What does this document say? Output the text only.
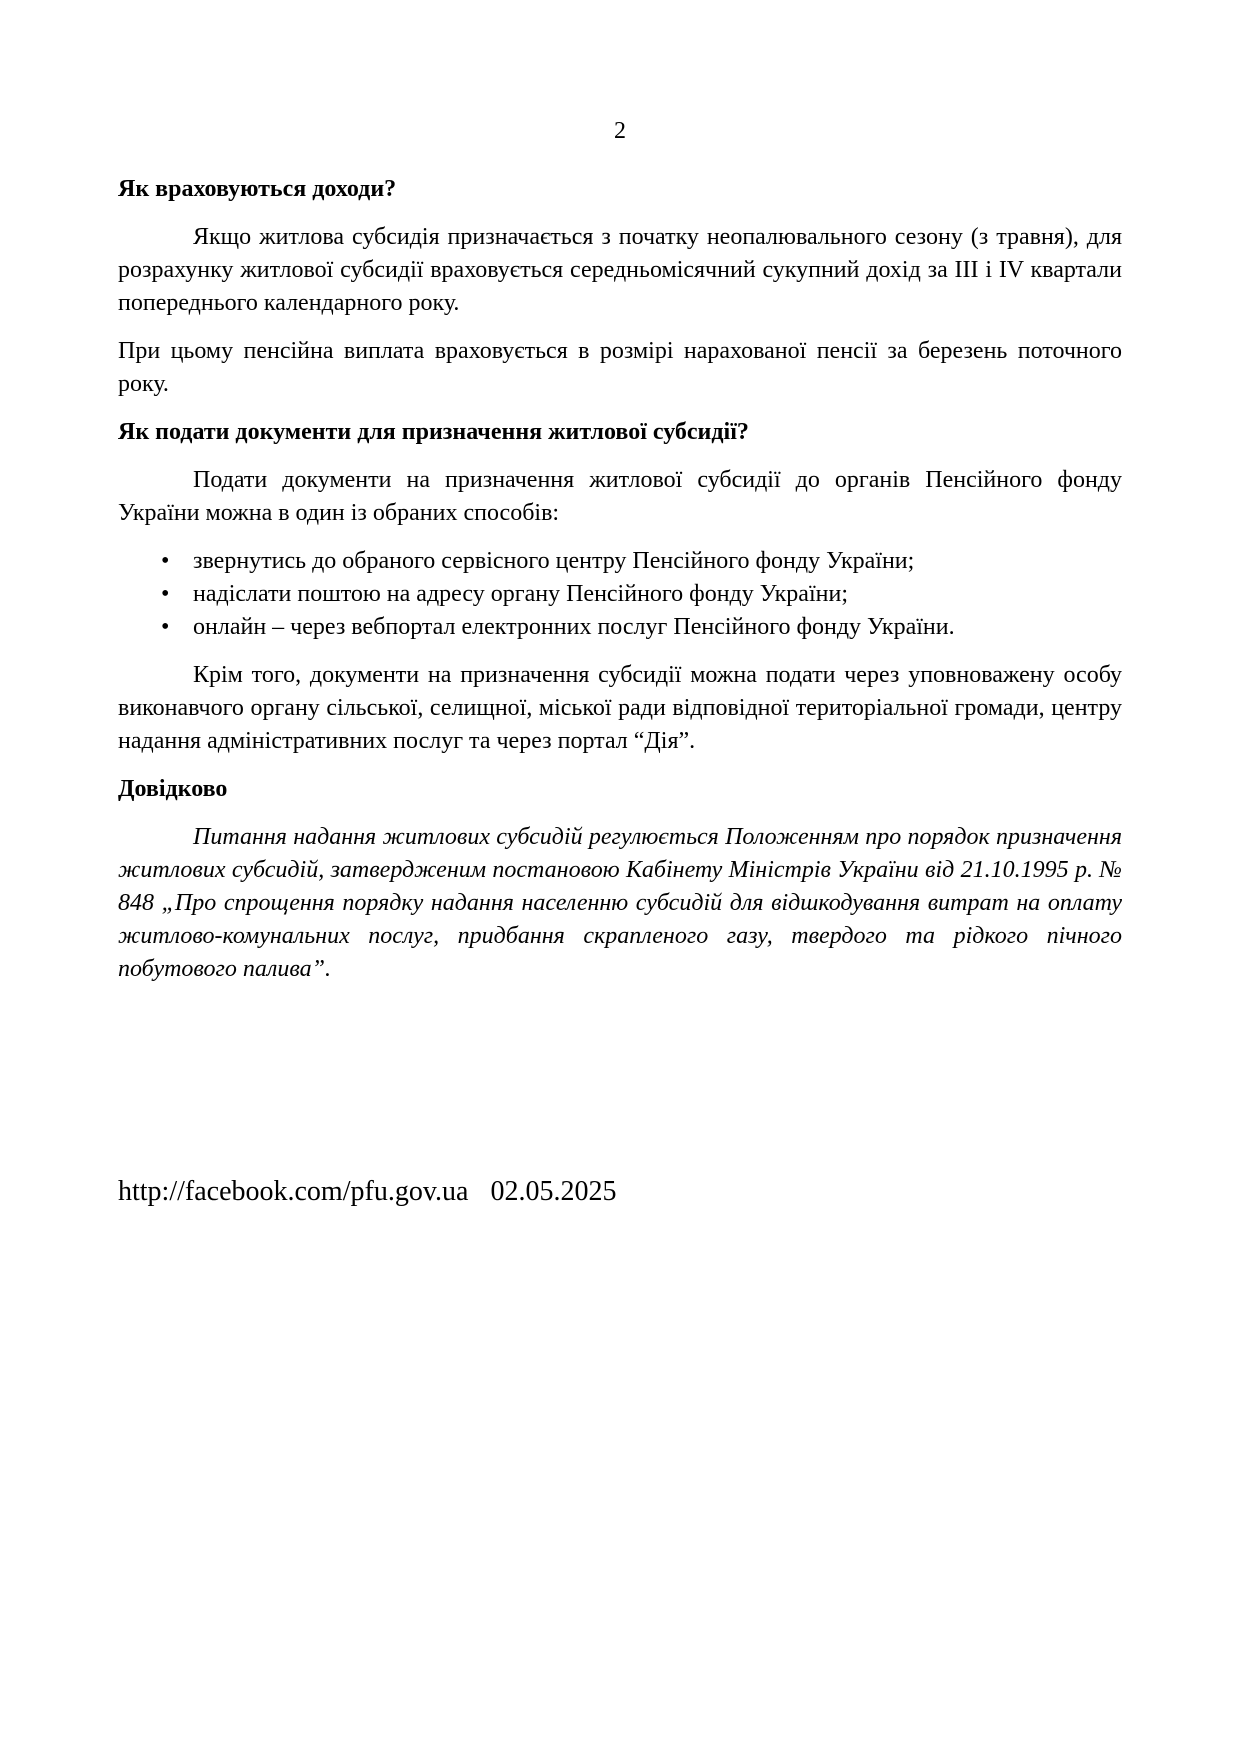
2
Як враховуються доходи?

Якщо житлова субсидія призначається з початку неопалювального сезону (з травня), для розрахунку житлової субсидії враховується середньомісячний сукупний дохід за ІІІ і ІV квартали попереднього календарного року.

При цьому пенсійна виплата враховується в розмірі нарахованої пенсії за березень поточного року.

Як подати документи для призначення житлової субсидії?

Подати документи на призначення житлової субсидії до органів Пенсійного фонду України можна в один із обраних способів:

• звернутись до обраного сервісного центру Пенсійного фонду України;
• надіслати поштою на адресу органу Пенсійного фонду України;
• онлайн – через вебпортал електронних послуг Пенсійного фонду України.

Крім того, документи на призначення субсидії можна подати через уповноважену особу виконавчого органу сільської, селищної, міської ради відповідної територіальної громади, центру надання адміністративних послуг та через портал “Дія”.

Довідково

Питання надання житлових субсидій регулюється Положенням про порядок призначення житлових субсидій, затвердженим постановою Кабінету Міністрів України від 21.10.1995 р. № 848 „Про спрощення порядку надання населенню субсидій для відшкодування витрат на оплату житлово-комунальних послуг, придбання скрапленого газу, твердого та рідкого пічного побутового палива”.

http://facebook.com/pfu.gov.ua 02.05.2025
